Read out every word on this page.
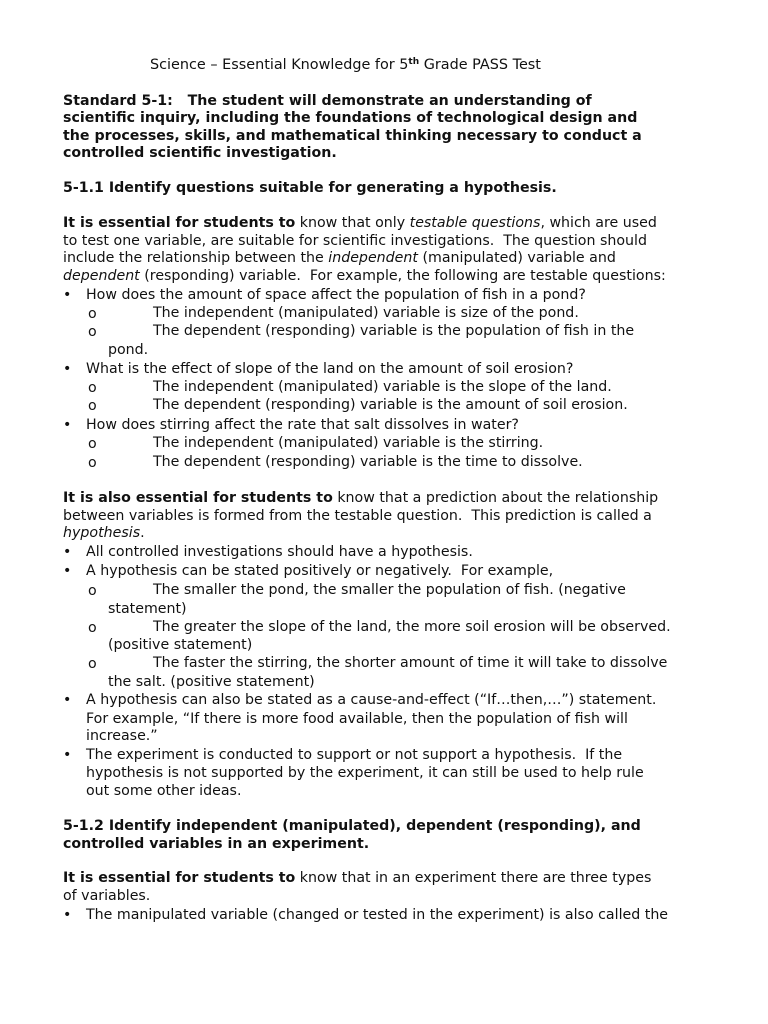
Science – Essential Knowledge for 5th Grade PASS Test
Standard 5-1:   The student will demonstrate an understanding of
scientific inquiry, including the foundations of technological design and
the processes, skills, and mathematical thinking necessary to conduct a
controlled scientific investigation.
5-1.1 Identify questions suitable for generating a hypothesis.
It is essential for students to know that only testable questions, which are used
to test one variable, are suitable for scientific investigations.  The question should
include the relationship between the independent (manipulated) variable and
dependent (responding) variable.  For example, the following are testable questions:
• How does the amount of space affect the population of fish in a pond?
o	The independent (manipulated) variable is size of the pond.
o	The dependent (responding) variable is the population of fish in the
pond.
• What is the effect of slope of the land on the amount of soil erosion?
o	The independent (manipulated) variable is the slope of the land.
o	The dependent (responding) variable is the amount of soil erosion.
• How does stirring affect the rate that salt dissolves in water?
o	The independent (manipulated) variable is the stirring.
o	The dependent (responding) variable is the time to dissolve.
It is also essential for students to know that a prediction about the relationship
between variables is formed from the testable question.  This prediction is called a
hypothesis.
• All controlled investigations should have a hypothesis.
• A hypothesis can be stated positively or negatively.  For example,
o	The smaller the pond, the smaller the population of fish. (negative
statement)
o	The greater the slope of the land, the more soil erosion will be observed.
(positive statement)
o	The faster the stirring, the shorter amount of time it will take to dissolve
the salt. (positive statement)
• A hypothesis can also be stated as a cause-and-effect (“If…then,…”) statement.
For example, “If there is more food available, then the population of fish will
increase.”
• The experiment is conducted to support or not support a hypothesis.  If the
hypothesis is not supported by the experiment, it can still be used to help rule
out some other ideas.
5-1.2 Identify independent (manipulated), dependent (responding), and
controlled variables in an experiment.
It is essential for students to know that in an experiment there are three types
of variables.
• The manipulated variable (changed or tested in the experiment) is also called the
